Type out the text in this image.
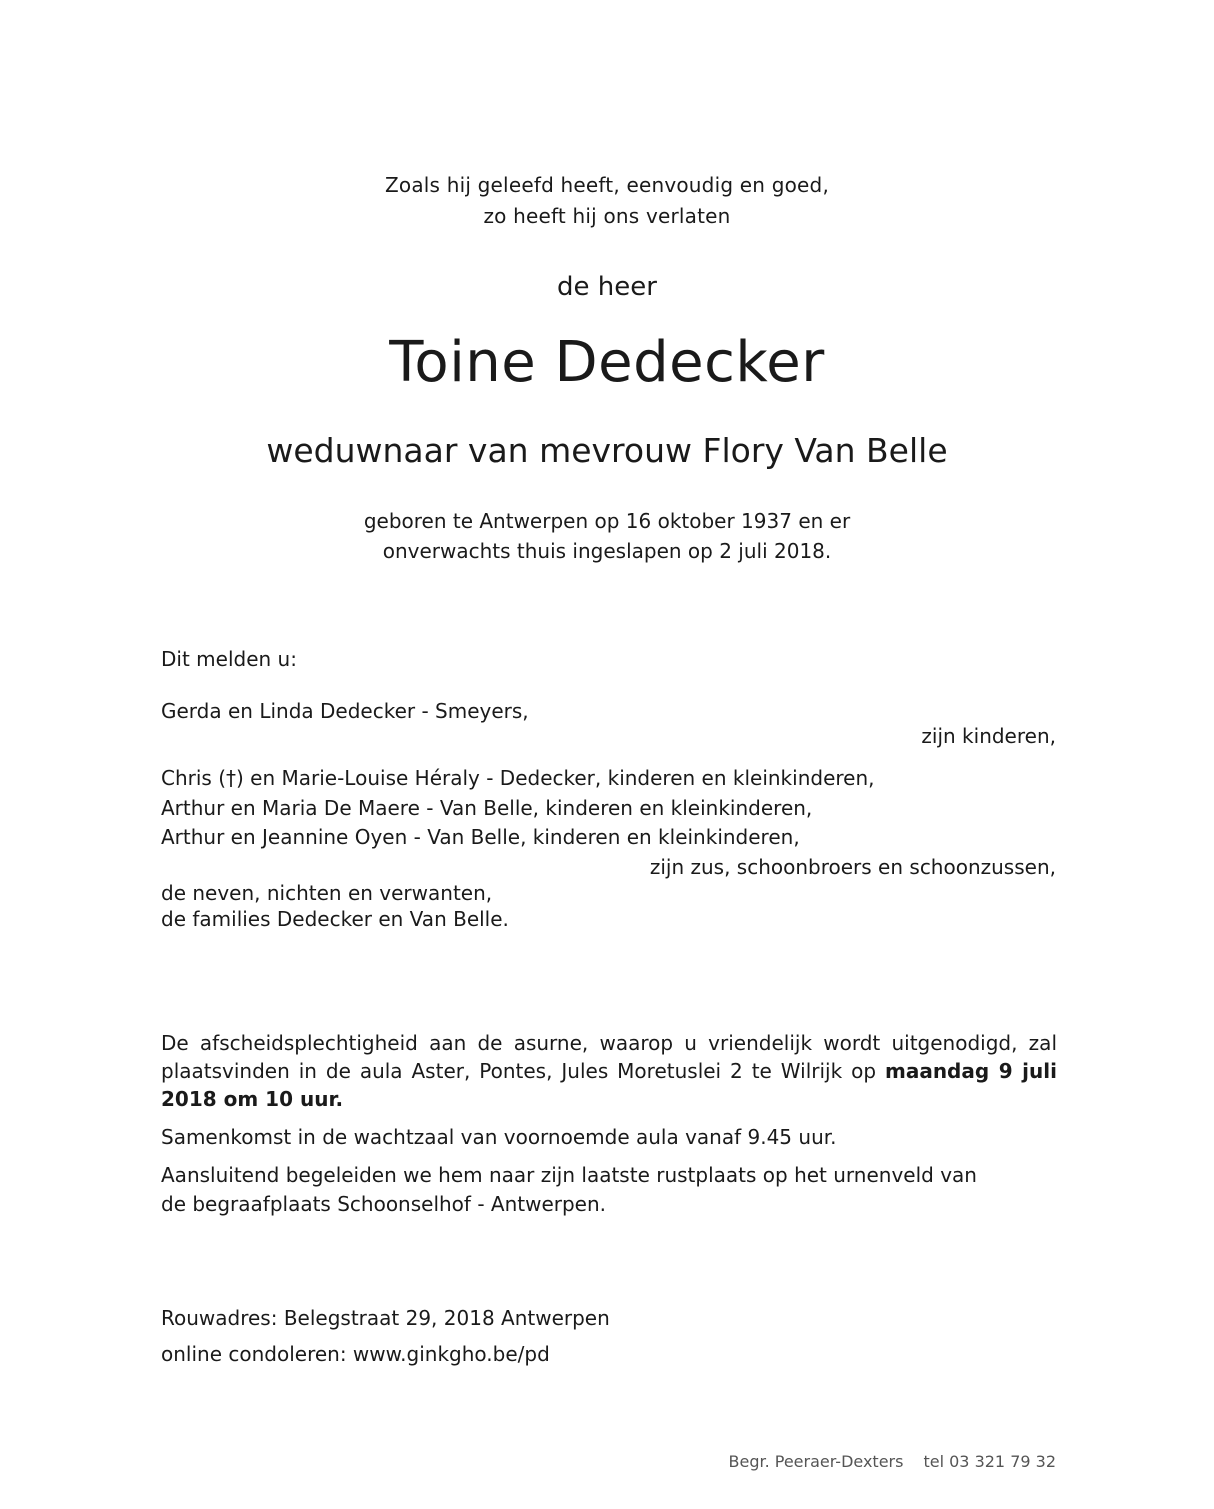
Zoals hij geleefd heeft, eenvoudig en goed,
zo heeft hij ons verlaten
de heer
Toine Dedecker
weduwnaar van mevrouw Flory Van Belle
geboren te Antwerpen op 16 oktober 1937 en er
onverwachts thuis ingeslapen op 2 juli 2018.
Dit melden u:
Gerda en Linda Dedecker - Smeyers,
zijn kinderen,
Chris (†) en Marie-Louise Héraly - Dedecker, kinderen en kleinkinderen,
Arthur en Maria De Maere - Van Belle, kinderen en kleinkinderen,
Arthur en Jeannine Oyen - Van Belle, kinderen en kleinkinderen,
zijn zus, schoonbroers en schoonzussen,
de neven, nichten en verwanten,
de families Dedecker en Van Belle.
De afscheidsplechtigheid aan de asurne, waarop u vriendelijk wordt uitgenodigd, zal plaatsvinden in de aula Aster, Pontes, Jules Moretuslei 2 te Wilrijk op maandag 9 juli 2018 om 10 uur.
Samenkomst in de wachtzaal van voornoemde aula vanaf 9.45 uur.
Aansluitend begeleiden we hem naar zijn laatste rustplaats op het urnenveld van
de begraafplaats Schoonselhof - Antwerpen.
Rouwadres: Belegstraat 29, 2018 Antwerpen
online condoleren: www.ginkgho.be/pd
Begr. Peeraer-Dexters tel 03 321 79 32
